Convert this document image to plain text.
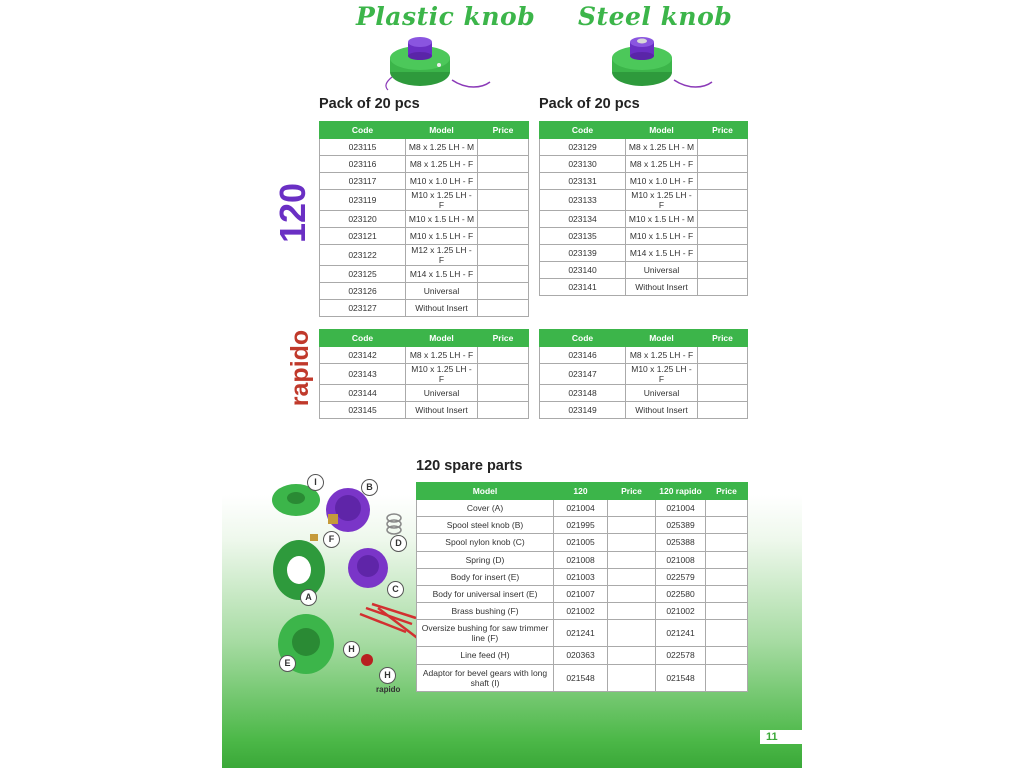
Plastic knob Steel knob
Pack of 20 pcs	Pack of 20 pcs
120
rapido
Code	Model	Price
023115	M8 x 1.25 LH - M	
023116	M8 x 1.25 LH - F	
023117	M10 x 1.0 LH - F	
023119	M10 x 1.25 LH - F	
023120	M10 x 1.5 LH - M	
023121	M10 x 1.5 LH - F	
023122	M12 x 1.25 LH - F	
023125	M14 x 1.5 LH - F	
023126	Universal	
023127	Without Insert	
Code	Model	Price
023129	M8 x 1.25 LH - M	
023130	M8 x 1.25 LH - F	
023131	M10 x 1.0 LH - F	
023133	M10 x 1.25 LH - F	
023134	M10 x 1.5 LH - M	
023135	M10 x 1.5 LH - F	
023139	M14 x 1.5 LH - F	
023140	Universal	
023141	Without Insert	
Code	Model	Price
023142	M8 x 1.25 LH - F	
023143	M10 x 1.25 LH - F	
023144	Universal	
023145	Without Insert	
Code	Model	Price
023146	M8 x 1.25 LH - F	
023147	M10 x 1.25 LH - F	
023148	Universal	
023149	Without Insert	
120 spare parts
I	B
F	D
C
A
E
H
H
rapido
Model	120	Price	120 rapido	Price
Cover (A)	021004		021004	
Spool steel knob (B)	021995		025389	
Spool nylon knob (C)	021005		025388	
Spring (D)	021008		021008	
Body for insert (E)	021003		022579	
Body for universal insert (E)	021007		022580	
Brass bushing (F)	021002		021002	
Oversize bushing for saw trimmer line (F)	021241		021241	
Line feed (H)	020363		022578	
Adaptor for bevel gears with long shaft (I)	021548		021548	
11
